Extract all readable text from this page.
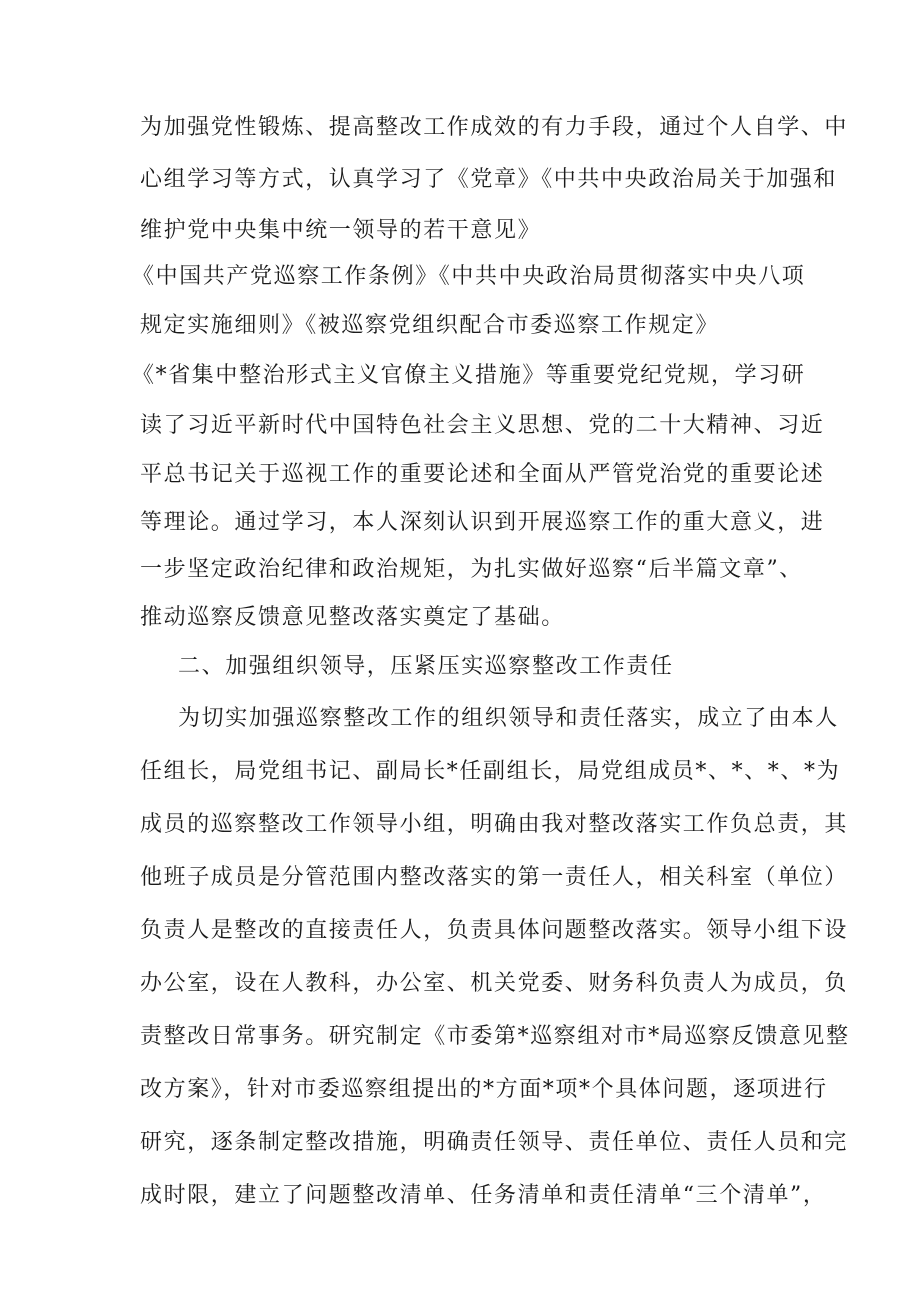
为加强党性锻炼、提高整改工作成效的有力手段，通过个人自学、中
心组学习等方式，认真学习了《党章》《中共中央政治局关于加强和
维护党中央集中统一领导的若干意见》
《中国共产党巡察工作条例》《中共中央政治局贯彻落实中央八项
规定实施细则》《被巡察党组织配合市委巡察工作规定》
《*省集中整治形式主义官僚主义措施》等重要党纪党规，学习研
读了习近平新时代中国特色社会主义思想、党的二十大精神、习近
平总书记关于巡视工作的重要论述和全面从严管党治党的重要论述
等理论。通过学习，本人深刻认识到开展巡察工作的重大意义，进
一步坚定政治纪律和政治规矩，为扎实做好巡察“后半篇文章”、
推动巡察反馈意见整改落实奠定了基础。
二、加强组织领导，压紧压实巡察整改工作责任
为切实加强巡察整改工作的组织领导和责任落实，成立了由本人
任组长，局党组书记、副局长*任副组长，局党组成员*、*、*、*为
成员的巡察整改工作领导小组，明确由我对整改落实工作负总责，其
他班子成员是分管范围内整改落实的第一责任人，相关科室（单位）
负责人是整改的直接责任人，负责具体问题整改落实。领导小组下设
办公室，设在人教科，办公室、机关党委、财务科负责人为成员，负
责整改日常事务。研究制定《市委第*巡察组对市*局巡察反馈意见整
改方案》，针对市委巡察组提出的*方面*项*个具体问题，逐项进行
研究，逐条制定整改措施，明确责任领导、责任单位、责任人员和完
成时限，建立了问题整改清单、任务清单和责任清单“三个清单”，
